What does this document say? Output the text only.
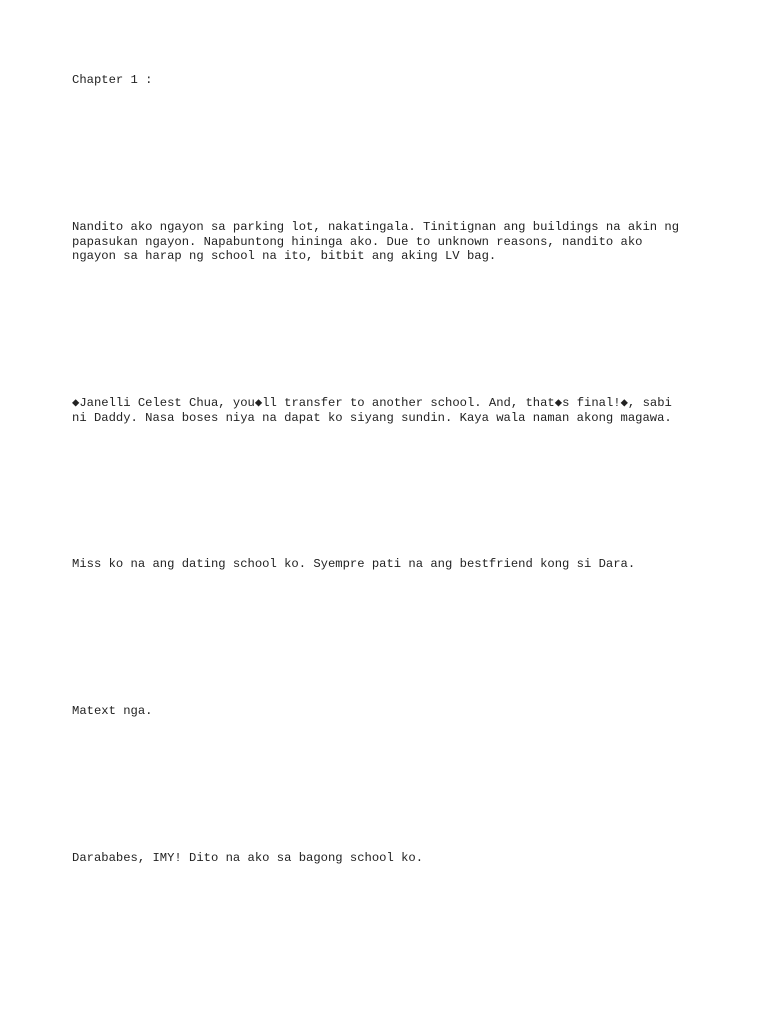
Chapter 1 :

Nandito ako ngayon sa parking lot, nakatingala. Tinitignan ang buildings na akin ng

papasukan ngayon. Napabuntong hininga ako. Due to unknown reasons, nandito ako

ngayon sa harap ng school na ito, bitbit ang aking LV bag.

◆Janelli Celest Chua, you◆ll transfer to another school. And, that◆s final!◆, sabi

ni Daddy. Nasa boses niya na dapat ko siyang sundin. Kaya wala naman akong magawa.

Miss ko na ang dating school ko. Syempre pati na ang bestfriend kong si Dara.

Matext nga.

Darababes, IMY! Dito na ako sa bagong school ko.
